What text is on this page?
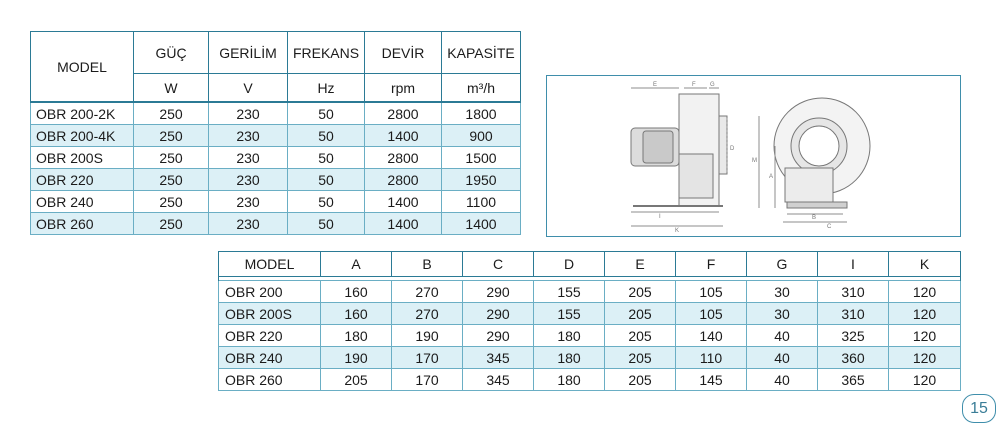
MODEL	GÜÇ	GERİLİM	FREKANS	DEVİR	KAPASİTE
	W	V	Hz	rpm	m³/h
OBR 200-2K	250	230	50	2800	1800
OBR 200-4K	250	230	50	1400	900
OBR 200S	250	230	50	2800	1500
OBR 220	250	230	50	2800	1950
OBR 240	250	230	50	1400	1100
OBR 260	250	230	50	1400	1400
E	F G
D
M
A
B
C
I
K
MODEL	A	B	C	D	E	F	G	I	K

OBR 200	160	270	290	155	205	105	30	310	120
OBR 200S	160	270	290	155	205	105	30	310	120
OBR 220	180	190	290	180	205	140	40	325	120
OBR 240	190	170	345	180	205	110	40	360	120
OBR 260	205	170	345	180	205	145	40	365	120
15
